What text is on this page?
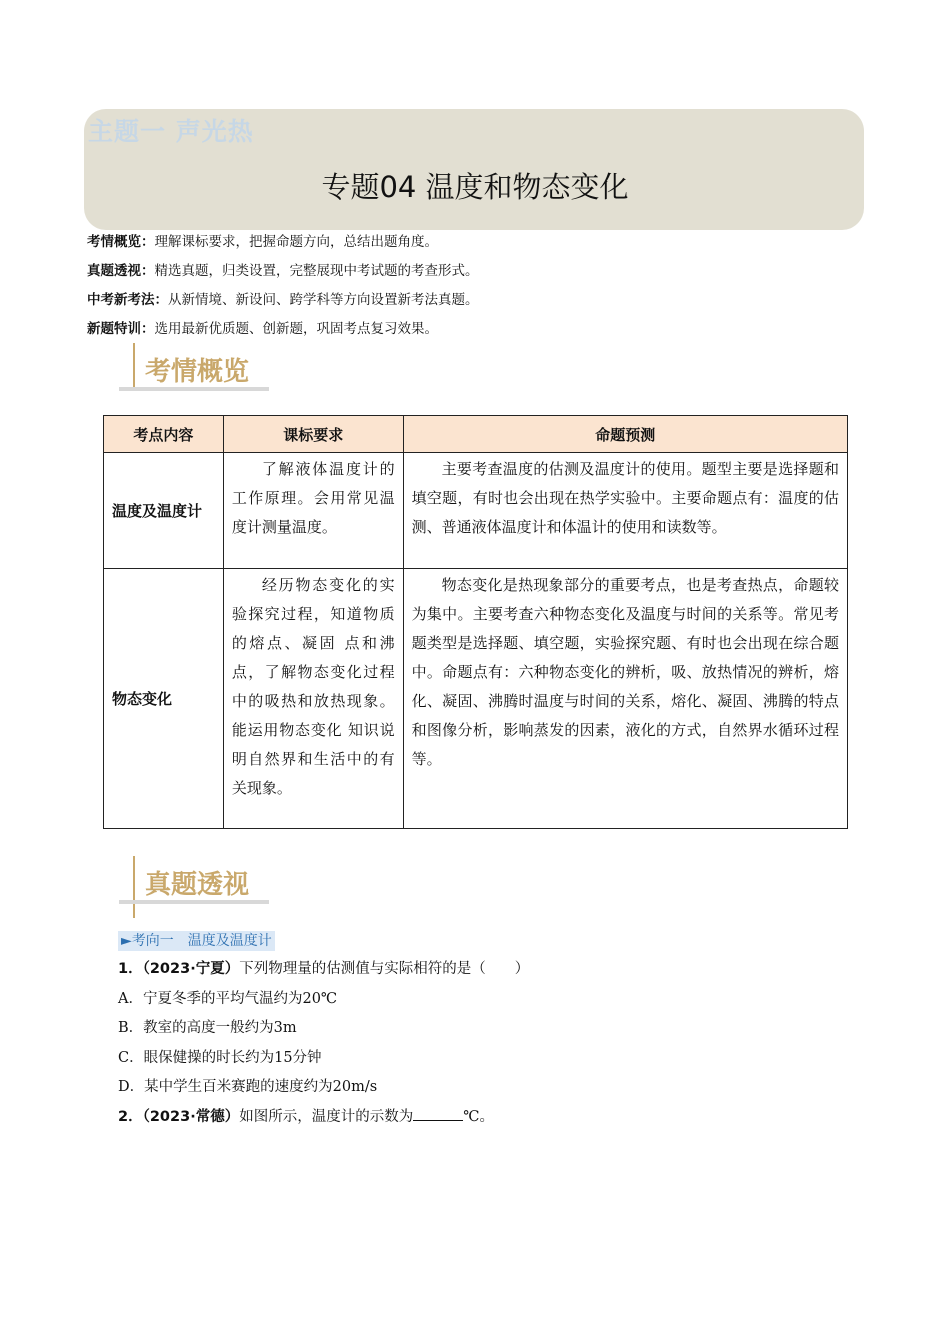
主题一 声光热
专题04 温度和物态变化
考情概览：理解课标要求，把握命题方向，总结出题角度。
真题透视：精选真题，归类设置，完整展现中考试题的考查形式。
中考新考法：从新情境、新设问、跨学科等方向设置新考法真题。
新题特训：选用最新优质题、创新题，巩固考点复习效果。
考情概览
考点内容	课标要求	命题预测
温度及温度计	了解液体温度计的工作原理。会用常见温度计测量温度。	主要考查温度的估测及温度计的使用。题型主要是选择题和填空题，有时也会出现在热学实验中。主要命题点有：温度的估测、普通液体温度计和体温计的使用和读数等。
物态变化	经历物态变化的实验探究过程，知道物质的熔点、凝固 点和沸点，了解物态变化过程中的吸热和放热现象。能运用物态变化 知识说明自然界和生活中的有关现象。	物态变化是热现象部分的重要考点，也是考查热点，命题较为集中。主要考查六种物态变化及温度与时间的关系等。常见考题类型是选择题、填空题，实验探究题、有时也会出现在综合题中。命题点有：六种物态变化的辨析，吸、放热情况的辨析，熔化、凝固、沸腾时温度与时间的关系，熔化、凝固、沸腾的特点和图像分析，影响蒸发的因素，液化的方式，自然界水循环过程等。
真题透视
►考向一　温度及温度计
1．（2023·宁夏）下列物理量的估测值与实际相符的是（　　）
A．宁夏冬季的平均气温约为20℃
B．教室的高度一般约为3m
C．眼保健操的时长约为15分钟
D．某中学生百米赛跑的速度约为20m/s
2．（2023·常德）如图所示，温度计的示数为	℃。
